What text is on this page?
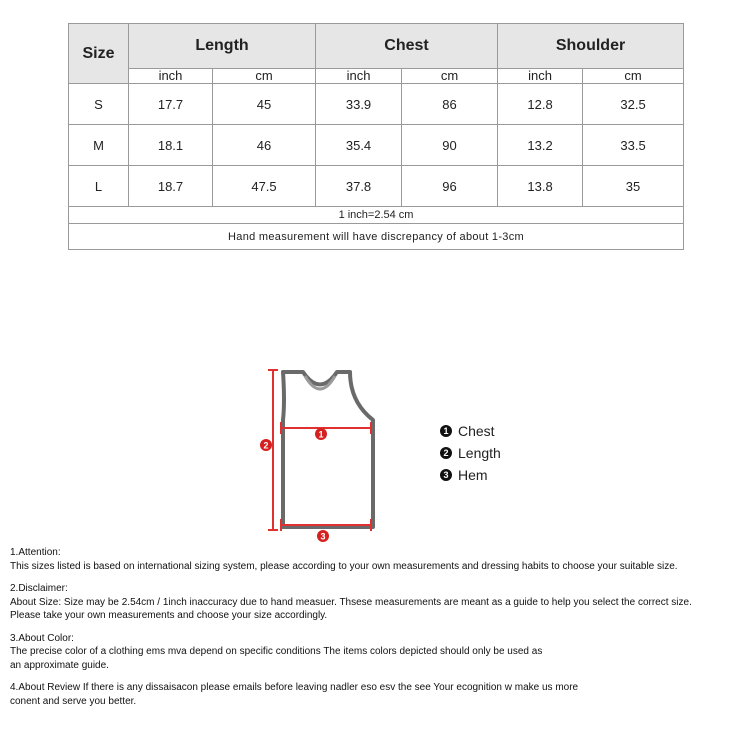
Size	Length		Chest		Shoulder	
	inch	cm	inch	cm	inch	cm
S	17.7	45	33.9	86	12.8	32.5
M	18.1	46	35.4	90	13.2	33.5
L	18.7	47.5	37.8	96	13.8	35
1 inch=2.54 cm						
Hand measurement will have discrepancy of about 1-3cm						
1
2
3
1 Chest
2 Length
3 Hem
1.Attention:
This sizes listed is based on international sizing system, please according to your own measurements and dressing habits to choose your suitable size.
2.Disclaimer:
About Size: Size may be 2.54cm / 1inch inaccuracy due to hand measuer. Thsese measurements are meant as a guide to help you select the correct size.
Please take your own measurements and choose your size accordingly.
3.About Color:
The precise color of a clothing ems mva depend on specific conditions The items colors depicted should only be used as
an approximate guide.
4.About Review If there is any dissaisacon please emails before leaving nadler eso esv the see Your ecognition w make us more
conent and serve you better.
